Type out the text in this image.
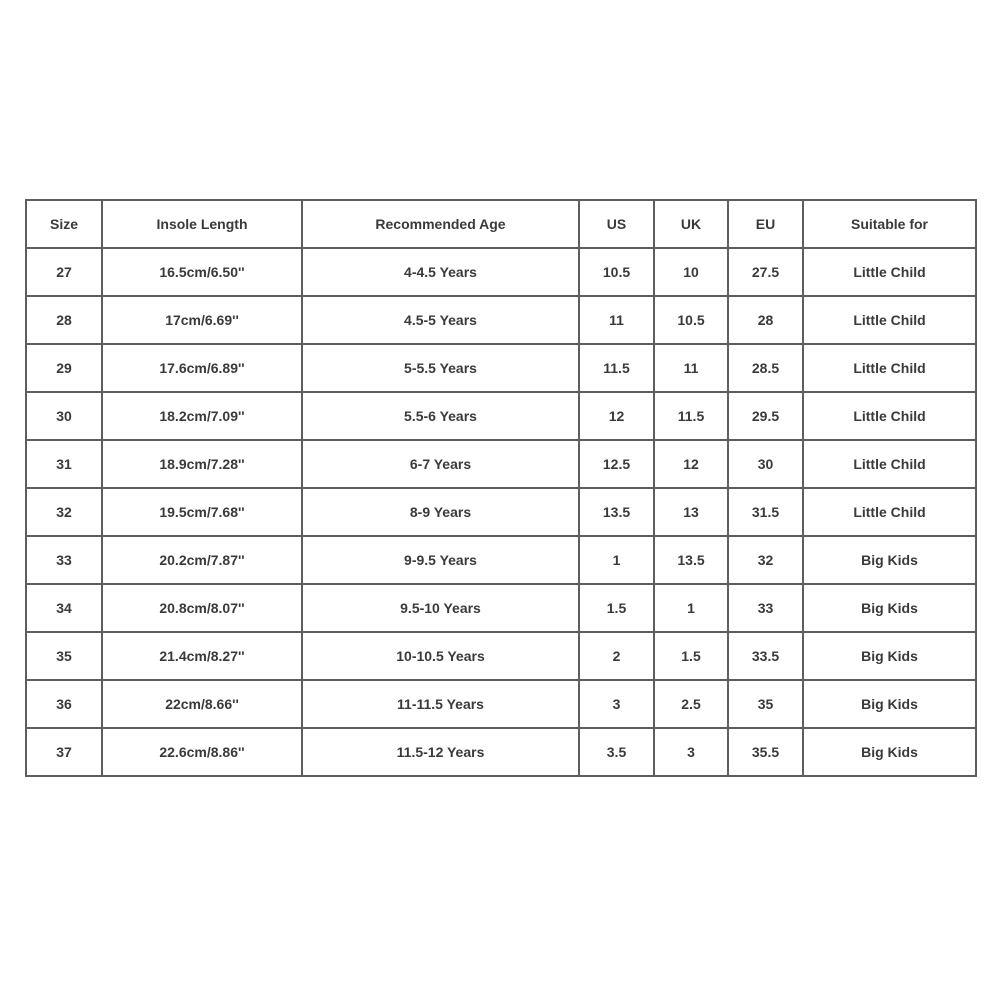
Size	Insole Length	Recommended Age	US	UK	EU	Suitable for
27	16.5cm/6.50''	4-4.5 Years	10.5	10	27.5	Little Child
28	17cm/6.69''	4.5-5 Years	11	10.5	28	Little Child
29	17.6cm/6.89''	5-5.5 Years	11.5	11	28.5	Little Child
30	18.2cm/7.09''	5.5-6 Years	12	11.5	29.5	Little Child
31	18.9cm/7.28''	6-7 Years	12.5	12	30	Little Child
32	19.5cm/7.68''	8-9 Years	13.5	13	31.5	Little Child
33	20.2cm/7.87''	9-9.5 Years	1	13.5	32	Big Kids
34	20.8cm/8.07''	9.5-10 Years	1.5	1	33	Big Kids
35	21.4cm/8.27''	10-10.5 Years	2	1.5	33.5	Big Kids
36	22cm/8.66''	11-11.5 Years	3	2.5	35	Big Kids
37	22.6cm/8.86''	11.5-12 Years	3.5	3	35.5	Big Kids
